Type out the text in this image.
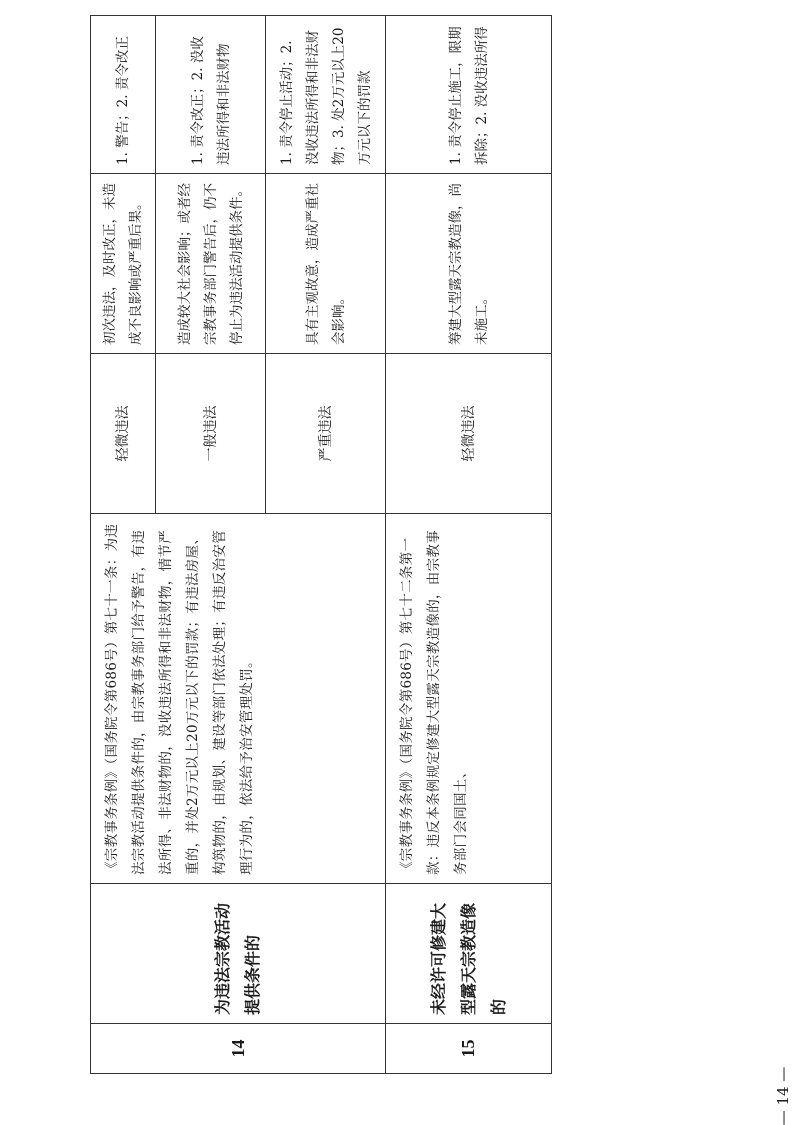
14	为违法宗教活动提供条件的	《宗教事务条例》（国务院令第686号）第七十一条：为违法宗教活动提供条件的，由宗教事务部门给予警告，有违法所得、非法财物的，没收违法所得和非法财物，情节严重的，并处2万元以上20万元以下的罚款；有违法房屋、构筑物的，由规划、建设等部门依法处理；有违反治安管理行为的，依法给予治安管理处罚。	轻微违法	初次违法，及时改正，未造成不良影响或严重后果。	1. 警告；2. 责令改正
			一般违法	造成较大社会影响；或者经宗教事务部门警告后，仍不停止为违法活动提供条件。	1. 责令改正；2. 没收违法所得和非法财物
			严重违法	具有主观故意，造成严重社会影响。	1. 责令停止活动；2. 没收违法所得和非法财物；3. 处2万元以上20万元以下的罚款
15	未经许可修建大型露天宗教造像的	《宗教事务条例》（国务院令第686号）第七十二条第一款：违反本条例规定修建大型露天宗教造像的，由宗教事务部门会同国土、	轻微违法	筹建大型露天宗教造像，尚未施工。	1. 责令停止施工，限期拆除；2. 没收违法所得
— 14 —
